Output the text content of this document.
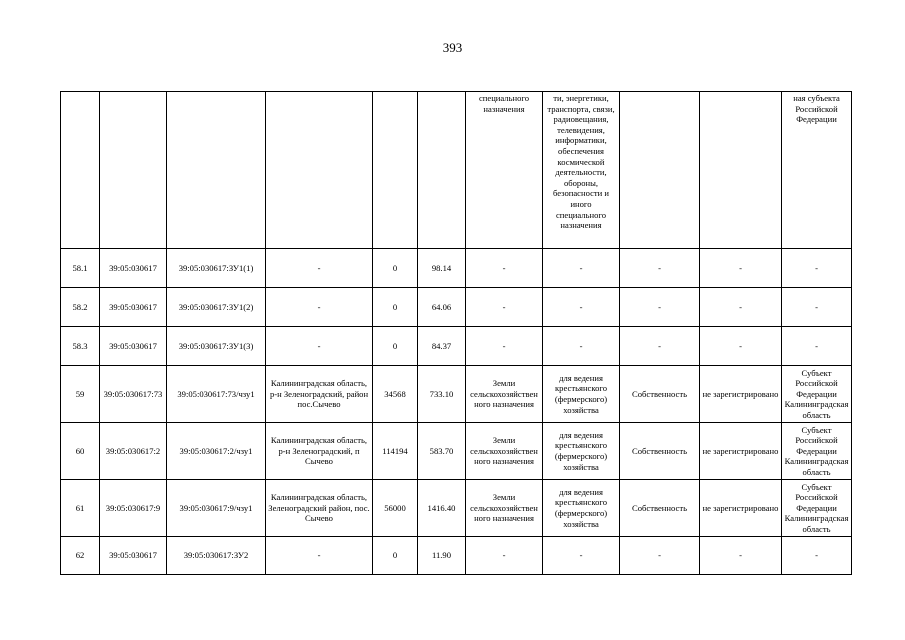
393
						специального назначения	ти, энергетики, транспорта, связи, радиовещания, телевидения, информатики, обеспечения космической деятельности, обороны, безопасности и иного специального назначения			ная субъекта Российской Федерации
58.1	39:05:030617	39:05:030617:ЗУ1(1)	-	0	98.14	-	-	-	-	-
58.2	39:05:030617	39:05:030617:ЗУ1(2)	-	0	64.06	-	-	-	-	-
58.3	39:05:030617	39:05:030617:ЗУ1(3)	-	0	84.37	-	-	-	-	-
59	39:05:030617:73	39:05:030617:73/чзу1	Калининградская область, р-н Зеленоградский, район пос.Сычево	34568	733.10	Земли сельскохозяйственного назначения	для ведения крестьянского (фермерского) хозяйства	Собственность	не зарегистрировано	Субъект Российской Федерации Калининградская область
60	39:05:030617:2	39:05:030617:2/чзу1	Калининградская область, р-н Зеленоградский, п Сычево	114194	583.70	Земли сельскохозяйственного назначения	для ведения крестьянского (фермерского) хозяйства	Собственность	не зарегистрировано	Субъект Российской Федерации Калининградская область
61	39:05:030617:9	39:05:030617:9/чзу1	Калининградская область, Зеленоградский район, пос. Сычево	56000	1416.40	Земли сельскохозяйственного назначения	для ведения крестьянского (фермерского) хозяйства	Собственность	не зарегистрировано	Субъект Российской Федерации Калининградская область
62	39:05:030617	39:05:030617:ЗУ2	-	0	11.90	-	-	-	-	-
